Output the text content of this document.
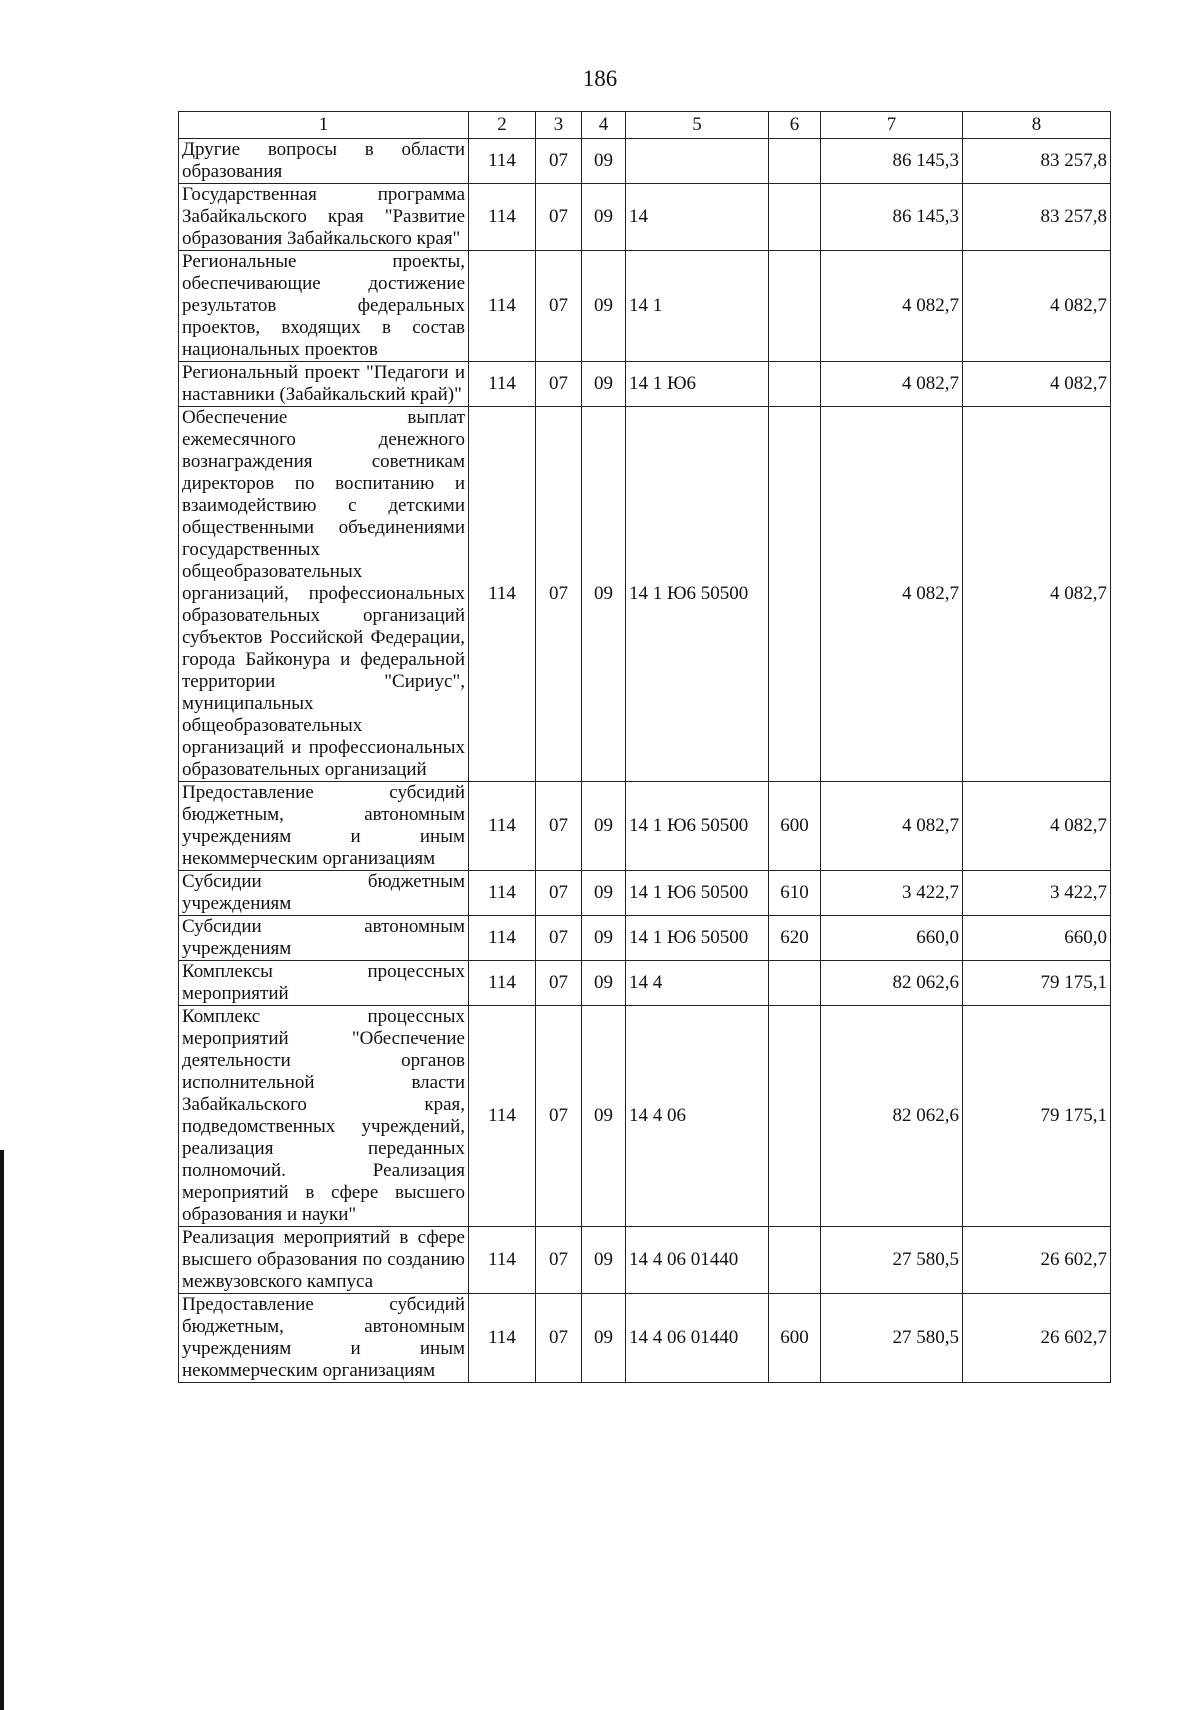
186
1	2	3	4	5	6	7	8
Другие вопросы в области образования	114	07	09			86 145,3	83 257,8
Государственная программа Забайкальского края "Развитие образования Забайкальского края"	114	07	09	14		86 145,3	83 257,8
Региональные проекты, обеспечивающие достижение результатов федеральных проектов, входящих в состав национальных проектов	114	07	09	14 1		4 082,7	4 082,7
Региональный проект "Педагоги и наставники (Забайкальский край)"	114	07	09	14 1 Ю6		4 082,7	4 082,7
Обеспечение выплат ежемесячного денежного вознаграждения советникам директоров по воспитанию и взаимодействию с детскими общественными объединениями государственных общеобразовательных организаций, профессиональных образовательных организаций субъектов Российской Федерации, города Байконура и федеральной территории "Сириус", муниципальных общеобразовательных организаций и профессиональных образовательных организаций	114	07	09	14 1 Ю6 50500		4 082,7	4 082,7
Предоставление субсидий бюджетным, автономным учреждениям и иным некоммерческим организациям	114	07	09	14 1 Ю6 50500	600	4 082,7	4 082,7
Субсидии бюджетным учреждениям	114	07	09	14 1 Ю6 50500	610	3 422,7	3 422,7
Субсидии автономным учреждениям	114	07	09	14 1 Ю6 50500	620	660,0	660,0
Комплексы процессных мероприятий	114	07	09	14 4		82 062,6	79 175,1
Комплекс процессных мероприятий "Обеспечение деятельности органов исполнительной власти Забайкальского края, подведомственных учреждений, реализация переданных полномочий. Реализация мероприятий в сфере высшего образования и науки"	114	07	09	14 4 06		82 062,6	79 175,1
Реализация мероприятий в сфере высшего образования по созданию межвузовского кампуса	114	07	09	14 4 06 01440		27 580,5	26 602,7
Предоставление субсидий бюджетным, автономным учреждениям и иным некоммерческим организациям	114	07	09	14 4 06 01440	600	27 580,5	26 602,7
